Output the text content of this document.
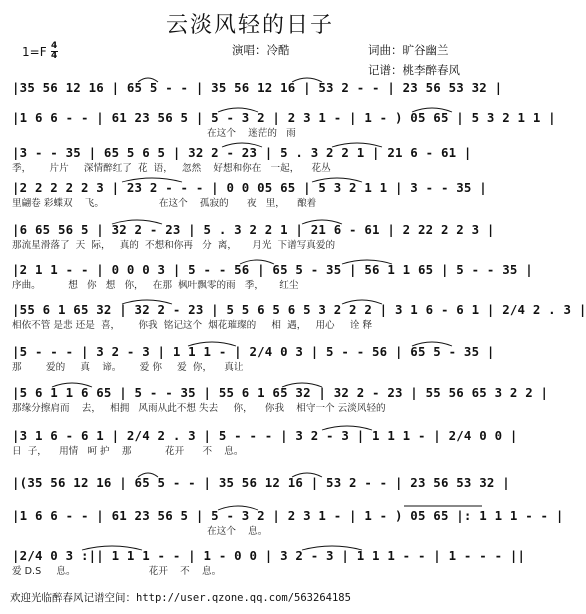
云淡风轻的日子
1=F 4
4	演唱：冷酷	词曲：旷谷幽兰
记谱：桃李醉春风
|35 56 12 16 | 65 5 - - | 35 56 12 16 | 53 2 - - | 23 56 53 32 |
|1 6 6 - - | 61 23 56 5 | 5 - 3 2 | 2 3 1 - | 1 - ) 05 65 | 5 3 2 1 1 |
在这个    迷茫的   雨
|3 - - 35 | 65 5 6 5 | 32 2 - 23 | 5 . 3 2 2 1 | 21 6 - 61 |
季，      片片     深情醉红了  花  语，   忽然    好想和你在   一起，    花丛
|2 2 2 2 2 3 | 23 2 - - - | 0 0 05 65 | 5 3 2 1 1 | 3 - - 35 |
里翩卷 彩蝶双    飞。                  在这个    孤寂的      夜   里，    酿着
|6 65 56 5 | 32 2 - 23 | 5 . 3 2 2 1 | 21 6 - 61 | 2 22 2 2 3 |
那流星滑落了  天  际，   真的  不想和你再   分  离，     月光  下谱写真爱的
|2 1 1 - - | 0 0 0 3 | 5 - - 56 | 65 5 - 35 | 56 1 1 65 | 5 - - 35 |
序曲。         想   你   想   你，   在那  枫叶飘零的雨   季，     红尘
|55 6 1 65 32 | 32 2 - 23 | 5 5 6 5 6 5 3 2 2 2 | 3 1 6 - 6 1 | 2/4 2 . 3 |
相依不管 是悲 还是  喜，      你我  铭记这个  烟花璀璨的     相  遇，   用心     诠 释
|5 - - - | 3 2 - 3 | 1 1 1 - | 2/4 0 3 | 5 - - 56 | 65 5 - 35 |
那        爱的     真    谛。      爱 你     爱  你，    真让
|5 6 1 1 6 65 | 5 - - 35 | 55 6 1 65 32 | 32 2 - 23 | 55 56 65 3 2 2 |
那缘分擦肩而    去，   相拥   风雨从此不想 失去     你，    你我    相守一个 云淡风轻的
|3 1 6 - 6 1 | 2/4 2 . 3 | 5 - - - | 3 2 - 3 | 1 1 1 - | 2/4 0 0 |
日  子，    用情   呵 护    那           花开      不    息。
|(35 56 12 16 | 65 5 - - | 35 56 12 16 | 53 2 - - | 23 56 53 32 |
|1 6 6 - - | 61 23 56 5 | 5 - 3 2 | 2 3 1 - | 1 - ) 05 65 |: 1 1 1 - - |
在这个    息。
|2/4 0 3 :|| 1 1 1 - - | 1 - 0 0 | 3 2 - 3 | 1 1 1 - - | 1 - - - ||
爱 D.S     息。                        花开    不    息。
欢迎光临醉春风记谱空间：http://user.qzone.qq.com/563264185
